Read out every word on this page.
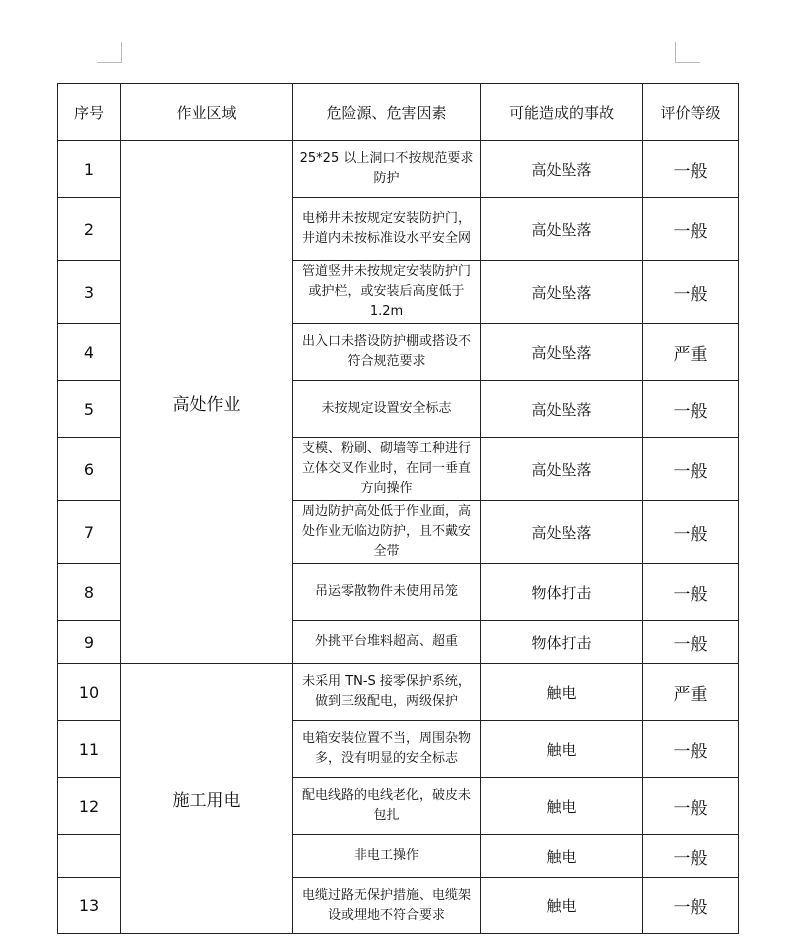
序号	作业区域	危险源、危害因素	可能造成的事故	评价等级
1	高处作业	25*25 以上洞口不按规范要求防护	高处坠落	一般
2		电梯井未按规定安装防护门，井道内未按标准设水平安全网	高处坠落	一般
3		管道竖井未按规定安装防护门或护栏，或安装后高度低于 1.2m	高处坠落	一般
4		出入口未搭设防护棚或搭设不符合规范要求	高处坠落	严重
5		未按规定设置安全标志	高处坠落	一般
6		支模、粉刷、砌墙等工种进行立体交叉作业时，在同一垂直方向操作	高处坠落	一般
7		周边防护高处低于作业面，高处作业无临边防护，且不戴安全带	高处坠落	一般
8		吊运零散物件未使用吊笼	物体打击	一般
9		外挑平台堆料超高、超重	物体打击	一般
10	施工用电	未采用 TN-S 接零保护系统，做到三级配电，两级保护	触电	严重
11		电箱安装位置不当，周围杂物多，没有明显的安全标志	触电	一般
12		配电线路的电线老化，破皮未包扎	触电	一般
		非电工操作	触电	一般
13		电缆过路无保护措施、电缆架设或埋地不符合要求	触电	一般
